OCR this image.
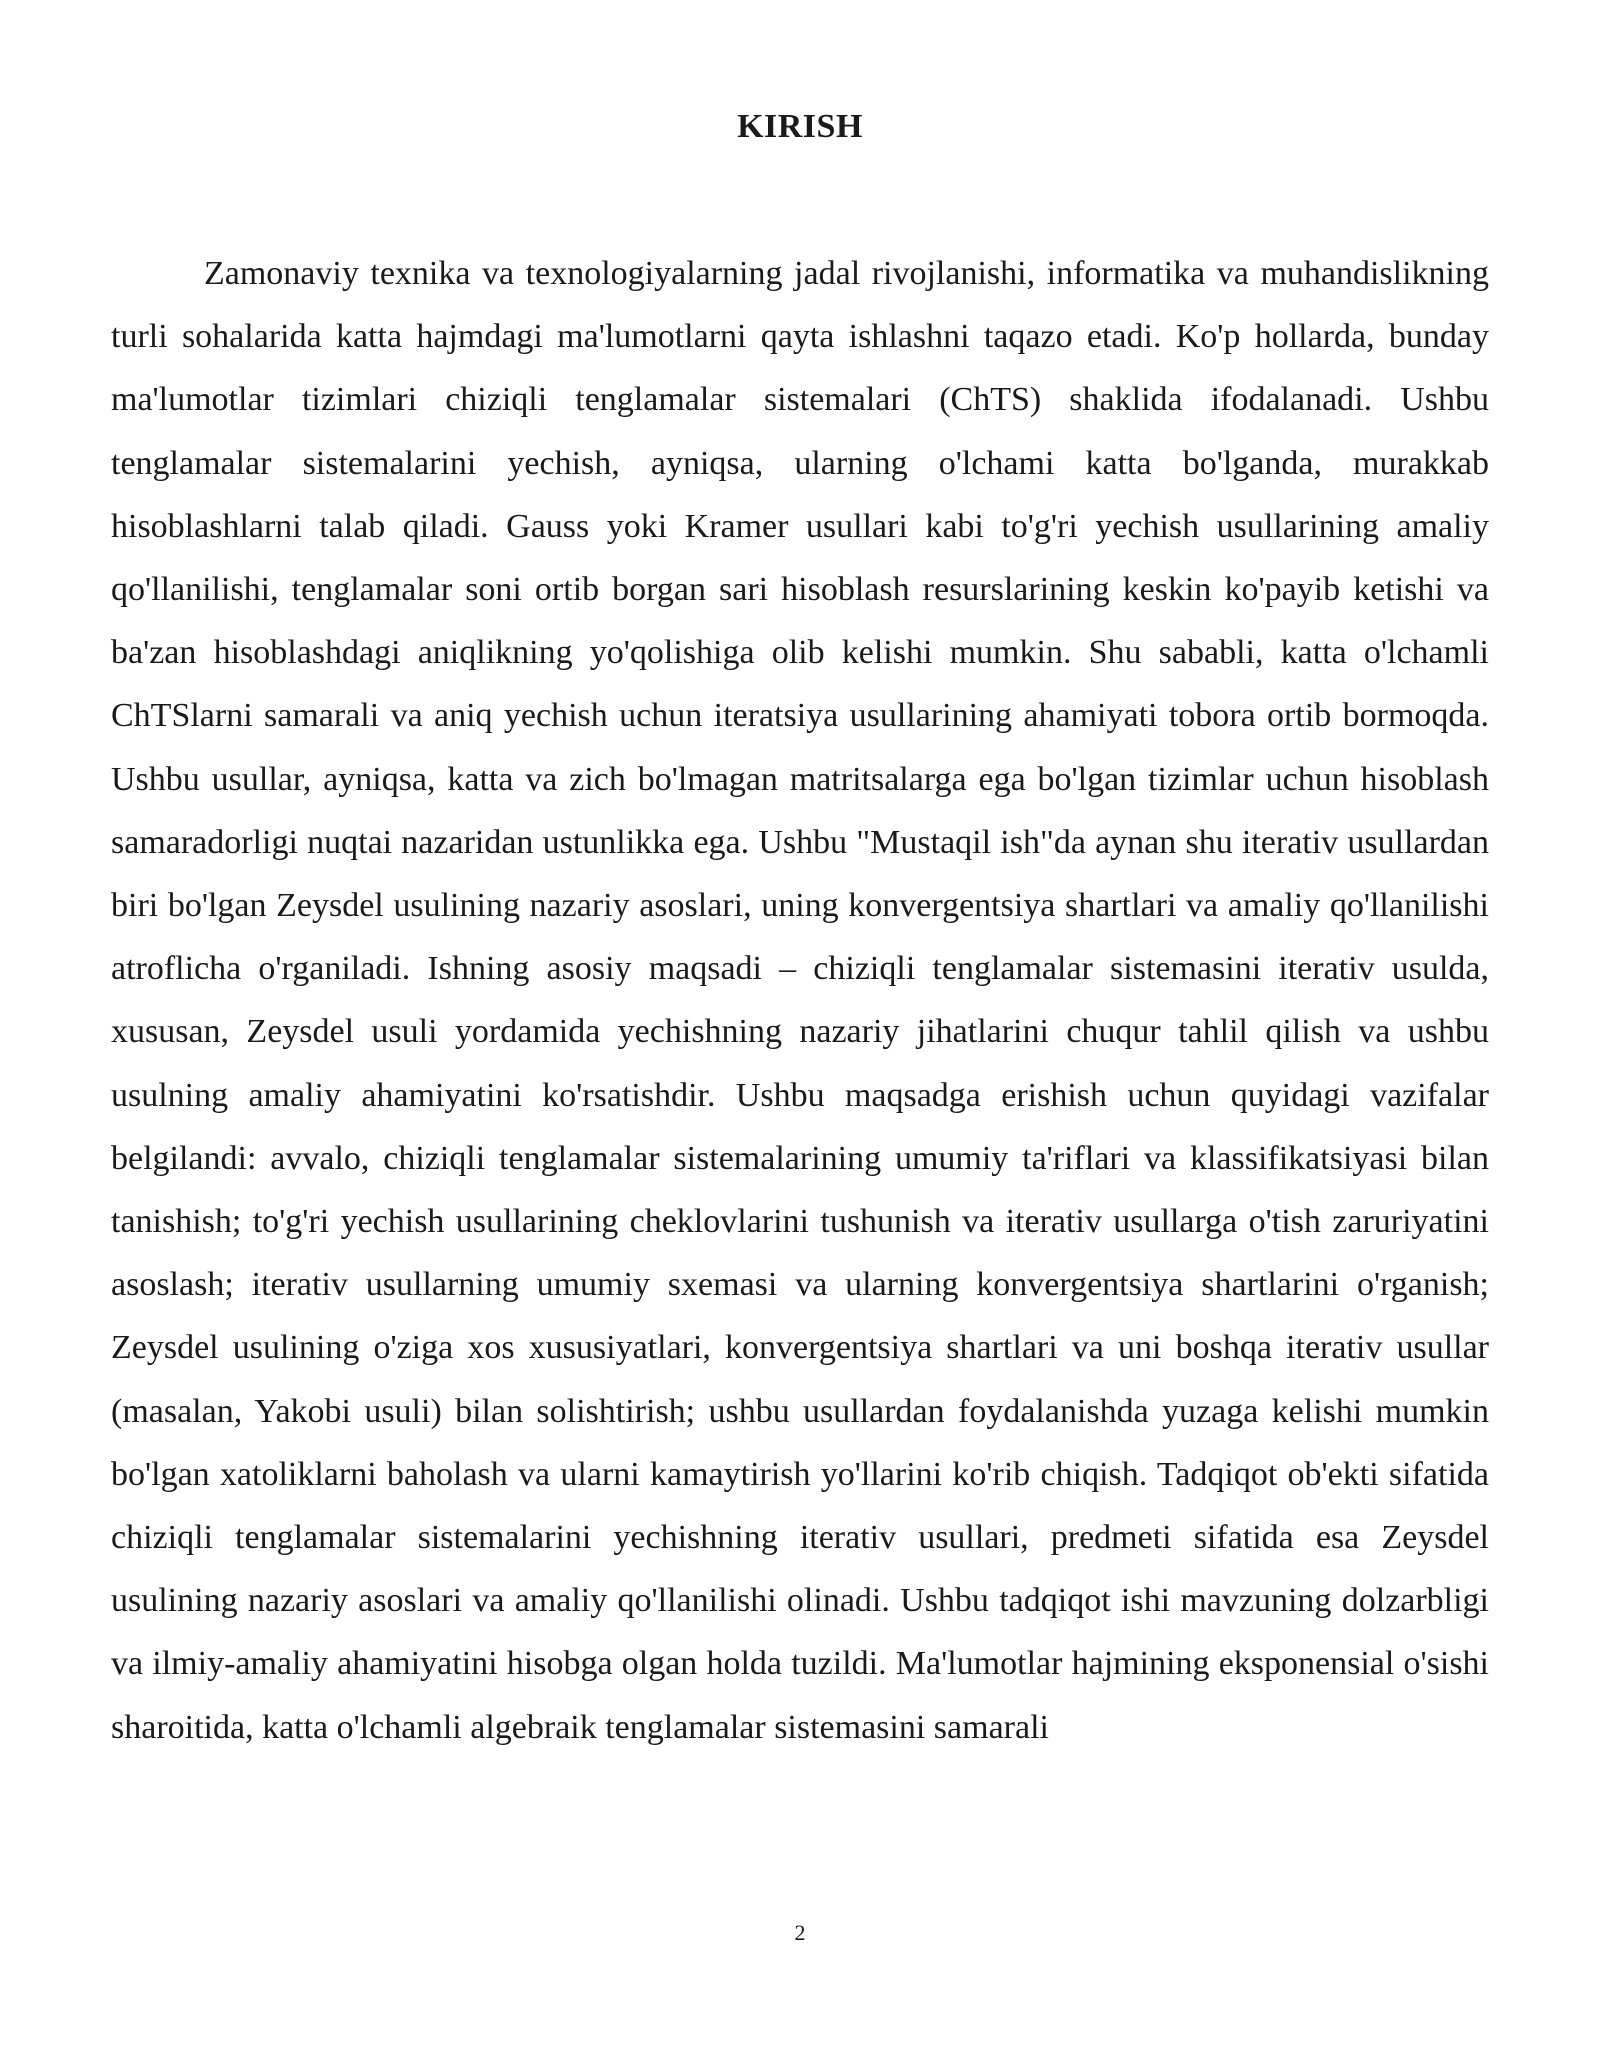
KIRISH

Zamonaviy texnika va texnologiyalarning jadal rivojlanishi, informatika va muhandislikning turli sohalarida katta hajmdagi ma'lumotlarni qayta ishlashni taqazo etadi. Ko'p hollarda, bunday ma'lumotlar tizimlari chiziqli tenglamalar sistemalari (ChTS) shaklida ifodalanadi. Ushbu tenglamalar sistemalarini yechish, ayniqsa, ularning o'lchami katta bo'lganda, murakkab hisoblashlarni talab qiladi. Gauss yoki Kramer usullari kabi to'g'ri yechish usullarining amaliy qo'llanilishi, tenglamalar soni ortib borgan sari hisoblash resurslarining keskin ko'payib ketishi va ba'zan hisoblashdagi aniqlikning yo'qolishiga olib kelishi mumkin. Shu sababli, katta o'lchamli ChTSlarni samarali va aniq yechish uchun iteratsiya usullarining ahamiyati tobora ortib bormoqda. Ushbu usullar, ayniqsa, katta va zich bo'lmagan matritsalarga ega bo'lgan tizimlar uchun hisoblash samaradorligi nuqtai nazaridan ustunlikka ega. Ushbu "Mustaqil ish"da aynan shu iterativ usullardan biri bo'lgan Zeysdel usulining nazariy asoslari, uning konvergentsiya shartlari va amaliy qo'llanilishi atroflicha o'rganiladi. Ishning asosiy maqsadi – chiziqli tenglamalar sistemasini iterativ usulda, xususan, Zeysdel usuli yordamida yechishning nazariy jihatlarini chuqur tahlil qilish va ushbu usulning amaliy ahamiyatini ko'rsatishdir. Ushbu maqsadga erishish uchun quyidagi vazifalar belgilandi: avvalo, chiziqli tenglamalar sistemalarining umumiy ta'riflari va klassifikatsiyasi bilan tanishish; to'g'ri yechish usullarining cheklovlarini tushunish va iterativ usullarga o'tish zaruriyatini asoslash; iterativ usullarning umumiy sxemasi va ularning konvergentsiya shartlarini o'rganish; Zeysdel usulining o'ziga xos xususiyatlari, konvergentsiya shartlari va uni boshqa iterativ usullar (masalan, Yakobi usuli) bilan solishtirish; ushbu usullardan foydalanishda yuzaga kelishi mumkin bo'lgan xatoliklarni baholash va ularni kamaytirish yo'llarini ko'rib chiqish. Tadqiqot ob'ekti sifatida chiziqli tenglamalar sistemalarini yechishning iterativ usullari, predmeti sifatida esa Zeysdel usulining nazariy asoslari va amaliy qo'llanilishi olinadi. Ushbu tadqiqot ishi mavzuning dolzarbligi va ilmiy-amaliy ahamiyatini hisobga olgan holda tuzildi. Ma'lumotlar hajmining eksponensial o'sishi sharoitida, katta o'lchamli algebraik tenglamalar sistemasini samarali

2
